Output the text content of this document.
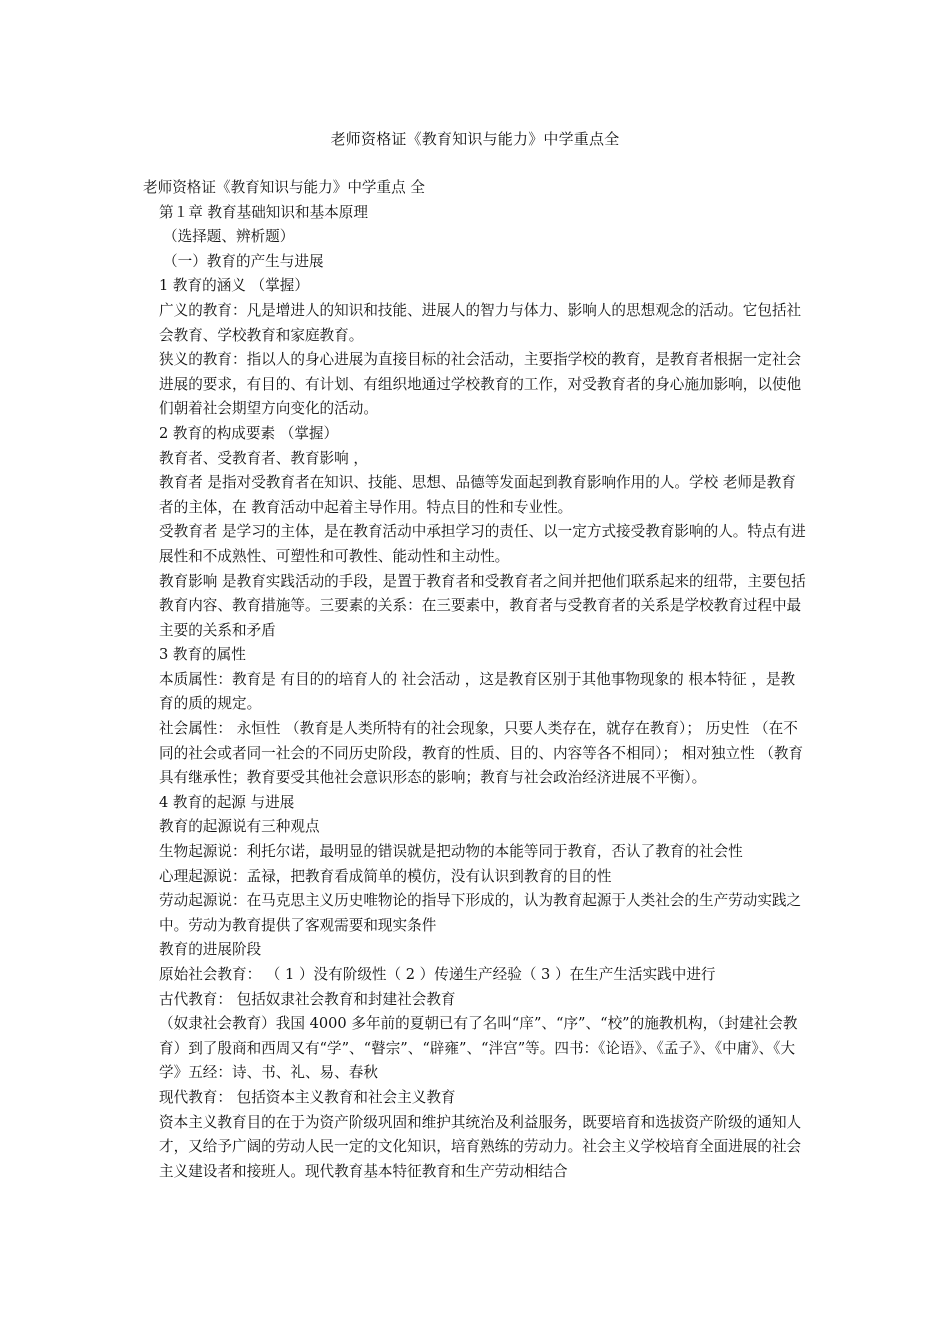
老师资格证《教育知识与能力》中学重点全

老师资格证《教育知识与能力》中学重点 全

第１章 教育基础知识和基本原理

（选择题、辨析题）

（一）教育的产生与进展

1 教育的涵义 （掌握）

广义的教育：凡是增进人的知识和技能、进展人的智力与体力、影响人的思想观念的活动。它包括社会教育、学校教育和家庭教育。

狭义的教育：指以人的身心进展为直接目标的社会活动，主要指学校的教育，是教育者根据一定社会进展的要求，有目的、有计划、有组织地通过学校教育的工作，对受教育者的身心施加影响，以使他们朝着社会期望方向变化的活动。

2 教育的构成要素 （掌握）

教育者、受教育者、教育影响 ，

教育者 是指对受教育者在知识、技能、思想、品德等发面起到教育影响作用的人。学校 老师是教育者的主体，在 教育活动中起着主导作用。特点目的性和专业性。

受教育者 是学习的主体，是在教育活动中承担学习的责任、以一定方式接受教育影响的人。特点有进展性和不成熟性、可塑性和可教性、能动性和主动性。

教育影响 是教育实践活动的手段，是置于教育者和受教育者之间并把他们联系起来的纽带，主要包括教育内容、教育措施等。三要素的关系：在三要素中，教育者与受教育者的关系是学校教育过程中最主要的关系和矛盾

3 教育的属性

本质属性：教育是 有目的的培育人的 社会活动 ，这是教育区别于其他事物现象的 根本特征 ，是教育的质的规定。

社会属性： 永恒性 （教育是人类所特有的社会现象，只要人类存在，就存在教育）； 历史性 （在不同的社会或者同一社会的不同历史阶段，教育的性质、目的、内容等各不相同）； 相对独立性 （教育具有继承性；教育要受其他社会意识形态的影响；教育与社会政治经济进展不平衡）。

4 教育的起源 与进展

教育的起源说有三种观点

生物起源说：利托尔诺，最明显的错误就是把动物的本能等同于教育，否认了教育的社会性

心理起源说：孟禄，把教育看成简单的模仿，没有认识到教育的目的性

劳动起源说：在马克思主义历史唯物论的指导下形成的，认为教育起源于人类社会的生产劳动实践之中。劳动为教育提供了客观需要和现实条件

教育的进展阶段

原始社会教育： （ 1 ）没有阶级性（ 2 ）传递生产经验（ 3 ）在生产生活实践中进行

古代教育： 包括奴隶社会教育和封建社会教育

（奴隶社会教育）我国 4000 多年前的夏朝已有了名叫“庠”、“序”、“校”的施教机构，（封建社会教育）到了殷商和西周又有“学”、“瞽宗”、“辟雍”、“泮宫”等。四书：《论语》、《孟子》、《中庸》、《大学》五经：诗、书、礼、易、春秋

现代教育： 包括资本主义教育和社会主义教育

资本主义教育目的在于为资产阶级巩固和维护其统治及利益服务，既要培育和选拔资产阶级的通知人才，又给予广阔的劳动人民一定的文化知识，培育熟练的劳动力。社会主义学校培育全面进展的社会主义建设者和接班人。现代教育基本特征教育和生产劳动相结合
